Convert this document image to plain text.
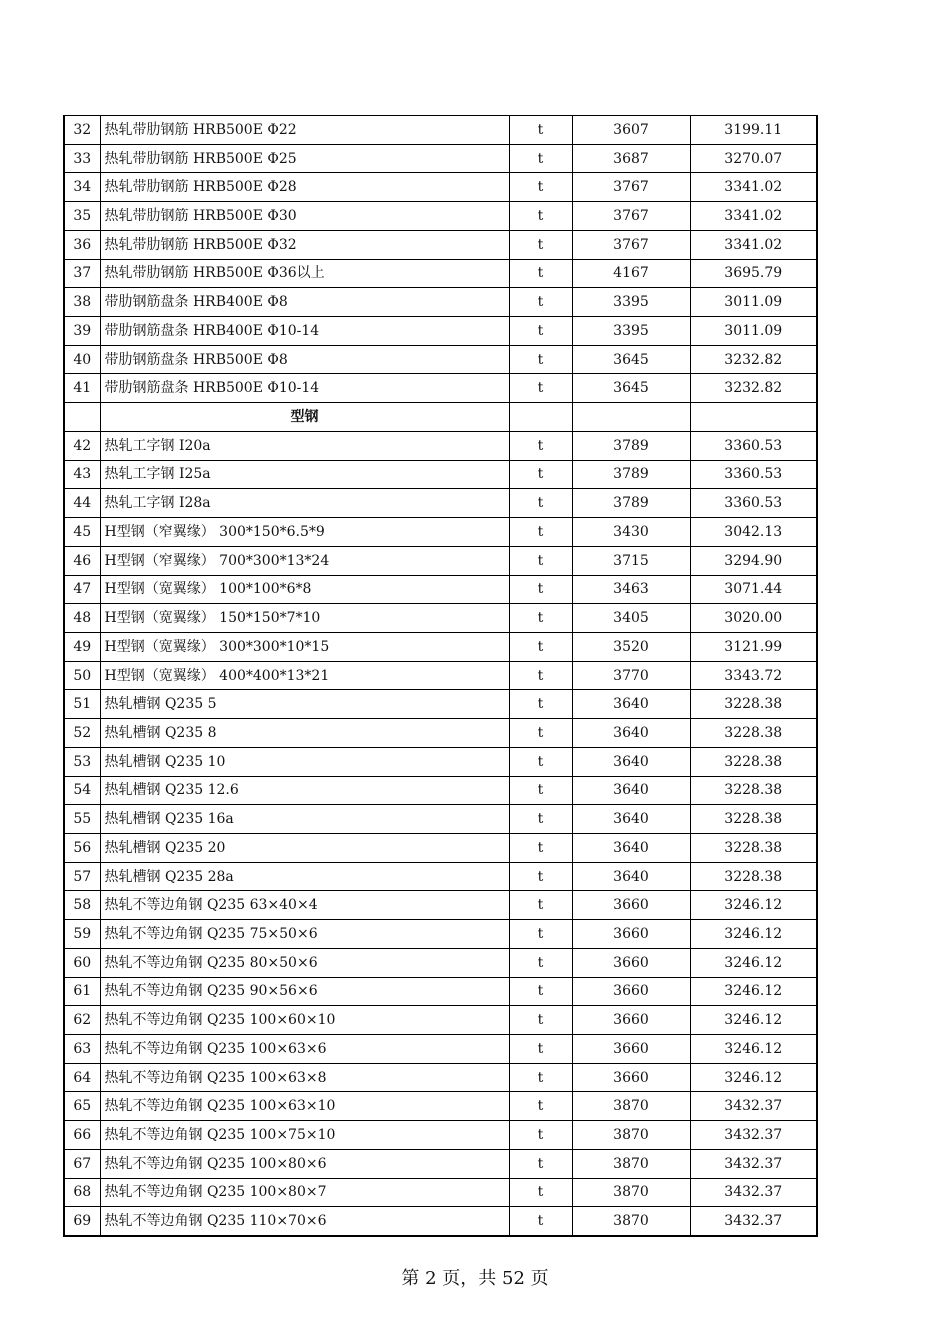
32	热轧带肋钢筋 HRB500E Φ22	t	3607	3199.11
33	热轧带肋钢筋 HRB500E Φ25	t	3687	3270.07
34	热轧带肋钢筋 HRB500E Φ28	t	3767	3341.02
35	热轧带肋钢筋 HRB500E Φ30	t	3767	3341.02
36	热轧带肋钢筋 HRB500E Φ32	t	3767	3341.02
37	热轧带肋钢筋 HRB500E Φ36以上	t	4167	3695.79
38	带肋钢筋盘条 HRB400E Φ8	t	3395	3011.09
39	带肋钢筋盘条 HRB400E Φ10-14	t	3395	3011.09
40	带肋钢筋盘条 HRB500E Φ8	t	3645	3232.82
41	带肋钢筋盘条 HRB500E Φ10-14	t	3645	3232.82
	型钢			
42	热轧工字钢 I20a	t	3789	3360.53
43	热轧工字钢 I25a	t	3789	3360.53
44	热轧工字钢 I28a	t	3789	3360.53
45	H型钢（窄翼缘） 300*150*6.5*9	t	3430	3042.13
46	H型钢（窄翼缘） 700*300*13*24	t	3715	3294.90
47	H型钢（宽翼缘） 100*100*6*8	t	3463	3071.44
48	H型钢（宽翼缘） 150*150*7*10	t	3405	3020.00
49	H型钢（宽翼缘） 300*300*10*15	t	3520	3121.99
50	H型钢（宽翼缘） 400*400*13*21	t	3770	3343.72
51	热轧槽钢 Q235 5	t	3640	3228.38
52	热轧槽钢 Q235 8	t	3640	3228.38
53	热轧槽钢 Q235 10	t	3640	3228.38
54	热轧槽钢 Q235 12.6	t	3640	3228.38
55	热轧槽钢 Q235 16a	t	3640	3228.38
56	热轧槽钢 Q235 20	t	3640	3228.38
57	热轧槽钢 Q235 28a	t	3640	3228.38
58	热轧不等边角钢 Q235 63×40×4	t	3660	3246.12
59	热轧不等边角钢 Q235 75×50×6	t	3660	3246.12
60	热轧不等边角钢 Q235 80×50×6	t	3660	3246.12
61	热轧不等边角钢 Q235 90×56×6	t	3660	3246.12
62	热轧不等边角钢 Q235 100×60×10	t	3660	3246.12
63	热轧不等边角钢 Q235 100×63×6	t	3660	3246.12
64	热轧不等边角钢 Q235 100×63×8	t	3660	3246.12
65	热轧不等边角钢 Q235 100×63×10	t	3870	3432.37
66	热轧不等边角钢 Q235 100×75×10	t	3870	3432.37
67	热轧不等边角钢 Q235 100×80×6	t	3870	3432.37
68	热轧不等边角钢 Q235 100×80×7	t	3870	3432.37
69	热轧不等边角钢 Q235 110×70×6	t	3870	3432.37
第 2 页，共 52 页
